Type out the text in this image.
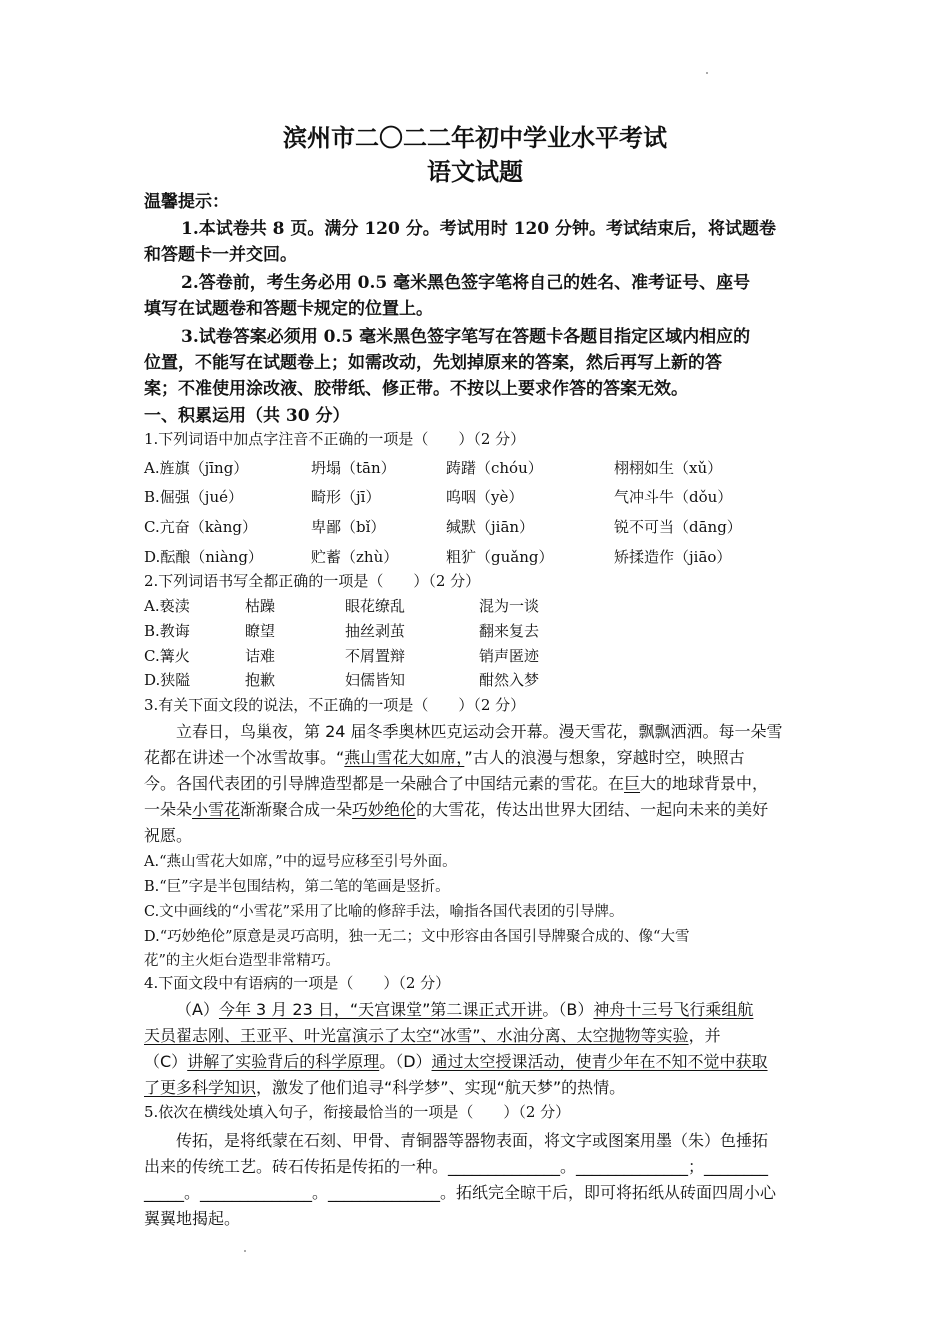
滨州市二〇二二年初中学业水平考试
语文试题
温馨提示：
1.本试卷共 8 页。满分 120 分。考试用时 120 分钟。考试结束后，将试题卷
和答题卡一并交回。
2.答卷前，考生务必用 0.5 毫米黑色签字笔将自己的姓名、准考证号、座号
填写在试题卷和答题卡规定的位置上。
3.试卷答案必须用 0.5 毫米黑色签字笔写在答题卡各题目指定区域内相应的
位置，不能写在试题卷上；如需改动，先划掉原来的答案，然后再写上新的答
案；不准使用涂改液、胶带纸、修正带。不按以上要求作答的答案无效。
一、积累运用（共 30 分）
1.下列词语中加点字注音不正确的一项是（　　）（2 分）
A.旌旗（jīng）	坍塌（tān）	踌躇（chóu）	栩栩如生（xǔ）
B.倔强（jué）	畸形（jī）	呜咽（yè）	气冲斗牛（dǒu）
C.亢奋（kàng）	卑鄙（bǐ）	缄默（jiān）	锐不可当（dāng）
D.酝酿（niàng）	贮蓄（zhù）	粗犷（guǎng）	矫揉造作（jiāo）
2.下列词语书写全都正确的一项是（　　）（2 分）
A.亵渎	枯躁	眼花缭乱	混为一谈
B.教诲	瞭望	抽丝剥茧	翻来复去
C.篝火	诘难	不屑置辩	销声匿迹
D.狭隘	抱歉	妇儒皆知	酣然入梦
3.有关下面文段的说法，不正确的一项是（　　）（2 分）
立春日，鸟巢夜，第 24 届冬季奥林匹克运动会开幕。漫天雪花，飘飘洒洒。每一朵雪
花都在讲述一个冰雪故事。“燕山雪花大如席，”古人的浪漫与想象，穿越时空，映照古
今。各国代表团的引导牌造型都是一朵融合了中国结元素的雪花。在巨大的地球背景中，
一朵朵小雪花渐渐聚合成一朵巧妙绝伦的大雪花，传达出世界大团结、一起向未来的美好
祝愿。
A.“燕山雪花大如席，”中的逗号应移至引号外面。
B.“巨”字是半包围结构，第二笔的笔画是竖折。
C.文中画线的“小雪花”采用了比喻的修辞手法，喻指各国代表团的引导牌。
D.“巧妙绝伦”原意是灵巧高明，独一无二；文中形容由各国引导牌聚合成的、像“大雪
花”的主火炬台造型非常精巧。
4.下面文段中有语病的一项是（　　）（2 分）
（A）今年 3 月 23 日，“天宫课堂”第二课正式开讲。（B）神舟十三号飞行乘组航
天员翟志刚、王亚平、叶光富演示了太空“冰雪”、水油分离、太空抛物等实验，并
（C）讲解了实验背后的科学原理。（D）通过太空授课活动，使青少年在不知不觉中获取
了更多科学知识，激发了他们追寻“科学梦”、实现“航天梦”的热情。
5.依次在横线处填入句子，衔接最恰当的一项是（　　）（2 分）
传拓，是将纸蒙在石刻、甲骨、青铜器等器物表面，将文字或图案用墨（朱）色捶拓
出来的传统工艺。砖石传拓是传拓的一种。______________。______________；________
_____。______________。______________。拓纸完全晾干后，即可将拓纸从砖面四周小心
翼翼地揭起。
